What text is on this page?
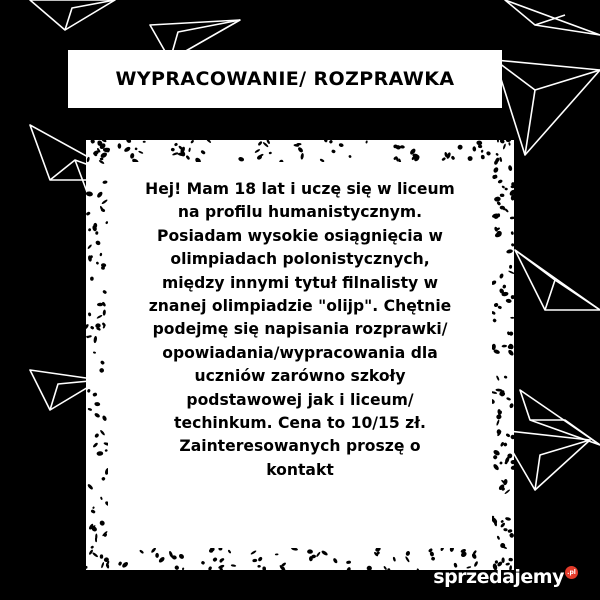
WYPRACOWANIE/ ROZPRAWKA
Hej! Mam 18 lat i uczę się w liceum
na profilu humanistycznym.
Posiadam wysokie osiągnięcia w
olimpiadach polonistycznych,
między innymi tytuł filnalisty w
znanej olimpiadzie "olijp". Chętnie
podejmę się napisania rozprawki/
opowiadania/wypracowania dla
uczniów zarówno szkoły
podstawowej jak i liceum/
techinkum. Cena to 10/15 zł.
Zainteresowanych proszę o
kontakt
sprzedajemy .pl
